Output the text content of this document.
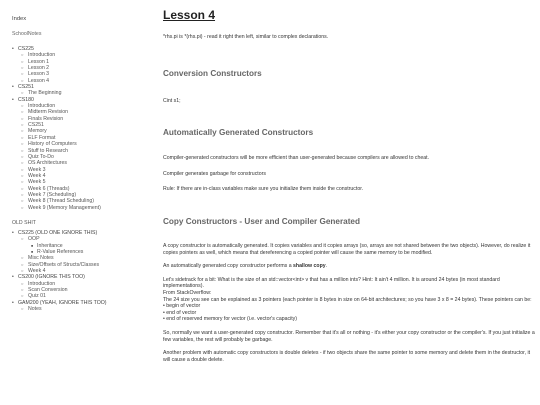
Index
SchoolNotes
• CS225
○ Introduction
○ Lesson 1
○ Lesson 2
○ Lesson 3
○ Lesson 4
• CS251
○ The Beginning
• CS180
○ Introduction
○ Midterm Revision
○ Finals Revision
○ CS251
○ Memory
○ ELF Format
○ History of Computers
○ Stuff to Research
○ Quiz To-Do
○ OS Architectures
○ Week 3
○ Week 4
○ Week 5
○ Week 6 (Threads)
○ Week 7 (Scheduling)
○ Week 8 (Thread Scheduling)
○ Week 9 (Memory Management)
OLD SHIT
• CS225 (OLD ONE IGNORE THIS)
○ OOP
■ Inheritance
■ R-Value References
○ Misc Notes
○ Size/Offsets of Structs/Classes
○ Week 4
• CS200 (IGNORE THIS TOO)
○ Introduction
○ Scan Conversion
○ Quiz 01
• GAM200 (YEAH, IGNORE THIS TOO)
○ Notes
Lesson 4

*rhs.pi is *(rhs.pi) - read it right then left, similar to complex declarations.

Conversion Constructors

Cint s1;

Automatically Generated Constructors

Compiler-generated constructors will be more efficient than user-generated because compilers are allowed to cheat.

Compiler generates garbage for constructors

Rule: If there are in-class variables make sure you initialize them inside the constructor.

Copy Constructors - User and Compiler Generated

A copy constructor is automatically generated. It copies variables and it copies arrays (so, arrays are not shared between the two objects). However, do realize it copies pointers as well, which means that dereferencing a copied pointer will cause the same memory to be modified.

An automatically generated copy constructor performs a shallow copy.

Let's sidetrack for a bit: What is the size of an std::vector<int> v that has a million ints? Hint: It ain't 4 million. It is around 24 bytes (in most standard implementations).

From StackOverflow:

The 24 size you see can be explained as 3 pointers (each pointer is 8 bytes in size on 64-bit architectures; so you have 3 x 8 = 24 bytes). These pointers can be:

• begin of vector

• end of vector

• end of reserved memory for vector (i.e. vector's capacity)

So, normally we want a user-generated copy constructor. Remember that it's all or nothing - it's either your copy constructor or the compiler's. If you just initialize a few variables, the rest will probably be garbage.

Another problem with automatic copy constructors is double deletes - if two objects share the same pointer to some memory and delete them in the destructor, it will cause a double delete.
